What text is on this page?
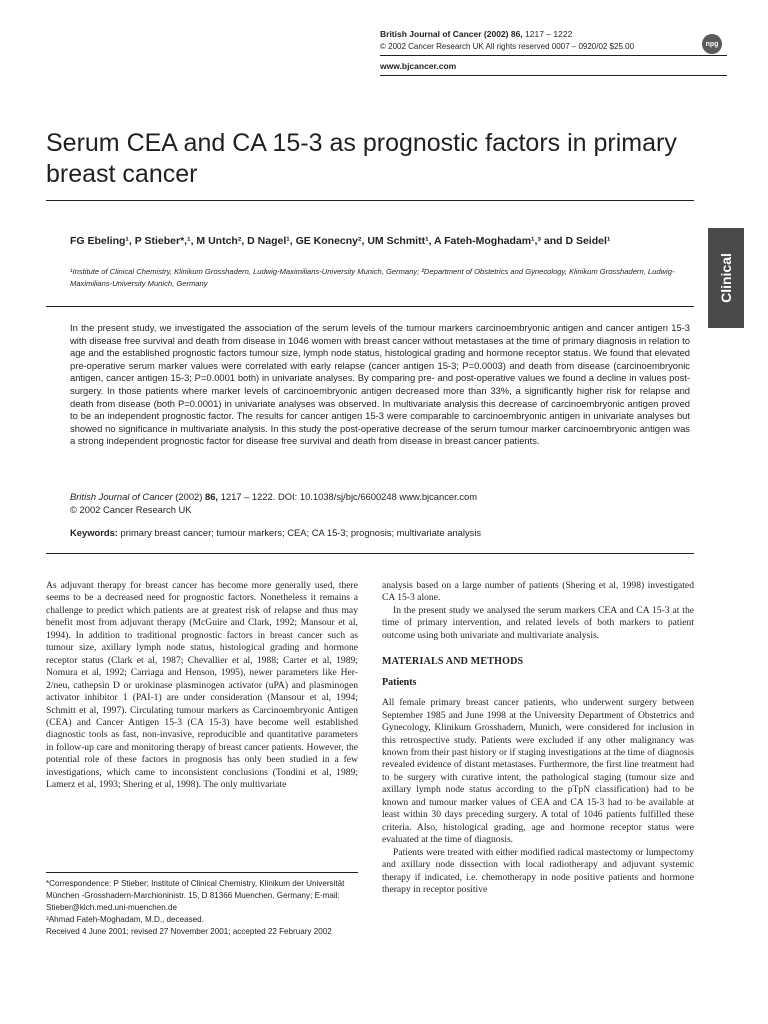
British Journal of Cancer (2002) 86, 1217 – 1222
© 2002 Cancer Research UK All rights reserved 0007 – 0920/02 $25.00
www.bjcancer.com
npg
Serum CEA and CA 15-3 as prognostic factors in primary breast cancer
Clinical
FG Ebeling¹, P Stieber*,¹, M Untch², D Nagel¹, GE Konecny², UM Schmitt¹, A Fateh-Moghadam¹,³ and D Seidel¹
¹Institute of Clinical Chemistry, Klinikum Grosshadern, Ludwig-Maximilians-University Munich, Germany; ²Department of Obstetrics and Gynecology, Klinikum Grosshadern, Ludwig-Maximilians-University Munich, Germany
In the present study, we investigated the association of the serum levels of the tumour markers carcinoembryonic antigen and cancer antigen 15-3 with disease free survival and death from disease in 1046 women with breast cancer without metastases at the time of primary diagnosis in relation to age and the established prognostic factors tumour size, lymph node status, histological grading and hormone receptor status. We found that elevated pre-operative serum marker values were correlated with early relapse (cancer antigen 15-3; P=0.0003) and death from disease (carcinoembryonic antigen, cancer antigen 15-3; P=0.0001 both) in univariate analyses. By comparing pre- and post-operative values we found a decline in values post-surgery. In those patients where marker levels of carcinoembryonic antigen decreased more than 33%, a significantly higher risk for relapse and death from disease (both P=0.0001) in univariate analyses was observed. In multivariate analysis this decrease of carcinoembryonic antigen proved to be an independent prognostic factor. The results for cancer antigen 15-3 were comparable to carcinoembryonic antigen in univariate analyses but showed no significance in multivariate analysis. In this study the post-operative decrease of the serum tumour marker carcinoembryonic antigen was a strong independent prognostic factor for disease free survival and death from disease in breast cancer patients.
British Journal of Cancer (2002) 86, 1217 – 1222. DOI: 10.1038/sj/bjc/6600248 www.bjcancer.com
© 2002 Cancer Research UK
Keywords: primary breast cancer; tumour markers; CEA; CA 15-3; prognosis; multivariate analysis

As adjuvant therapy for breast cancer has become more generally used, there seems to be a decreased need for prognostic factors. Nonetheless it remains a challenge to predict which patients are at greatest risk of relapse and thus may benefit most from adjuvant therapy (McGuire and Clark, 1992; Mansour et al, 1994). In addition to traditional prognostic factors in breast cancer such as tumour size, axillary lymph node status, histological grading and hormone receptor status (Clark et al, 1987; Chevallier et al, 1988; Carter et al, 1989; Nomura et al, 1992; Carriaga and Henson, 1995), newer parameters like Her-2/neu, cathepsin D or urokinase plasminogen activator (uPA) and plasminogen activator inhibitor 1 (PAI-1) are under consideration (Mansour et al, 1994; Schmitt et al, 1997). Circulating tumour markers as Carcinoembryonic Antigen (CEA) and Cancer Antigen 15-3 (CA 15-3) have become well established diagnostic tools as fast, non-invasive, reproducible and quantitative parameters in follow-up care and monitoring therapy of breast cancer patients. However, the potential role of these factors in prognosis has only been studied in a few investigations, which came to inconsistent conclusions (Tondini et al, 1989; Lamerz et al, 1993; Shering et al, 1998). The only multivariate

*Correspondence: P Stieber; Institute of Clinical Chemistry, Klinikum der Universität München -Grosshadern-Marchioninistr. 15, D 81366 Muenchen, Germany; E-mail: Stieber@klch.med.uni-muenchen.de

³Ahmad Fateh-Moghadam, M.D., deceased.

Received 4 June 2001; revised 27 November 2001; accepted 22 February 2002

analysis based on a large number of patients (Shering et al, 1998) investigated CA 15-3 alone.

In the present study we analysed the serum markers CEA and CA 15-3 at the time of primary intervention, and related levels of both markers to patient outcome using both univariate and multivariate analysis.

MATERIALS AND METHODS
Patients

All female primary breast cancer patients, who underwent surgery between September 1985 and June 1998 at the University Department of Obstetrics and Gynecology, Klinikum Grosshadern, Munich, were considered for inclusion in this retrospective study. Patients were excluded if any other malignancy was known from their past history or if staging investigations at the time of diagnosis revealed evidence of distant metastases. Furthermore, the first line treatment had to be surgery with curative intent, the pathological staging (tumour size and axillary lymph node status according to the pTpN classification) had to be known and tumour marker values of CEA and CA 15-3 had to be available at least within 30 days preceding surgery. A total of 1046 patients fulfilled these criteria. Also, histological grading, age and hormone receptor status were evaluated at the time of diagnosis.

Patients were treated with either modified radical mastectomy or lumpectomy and axillary node dissection with local radiotherapy and adjuvant systemic therapy if indicated, i.e. chemotherapy in node positive patients and hormone therapy in receptor positive
